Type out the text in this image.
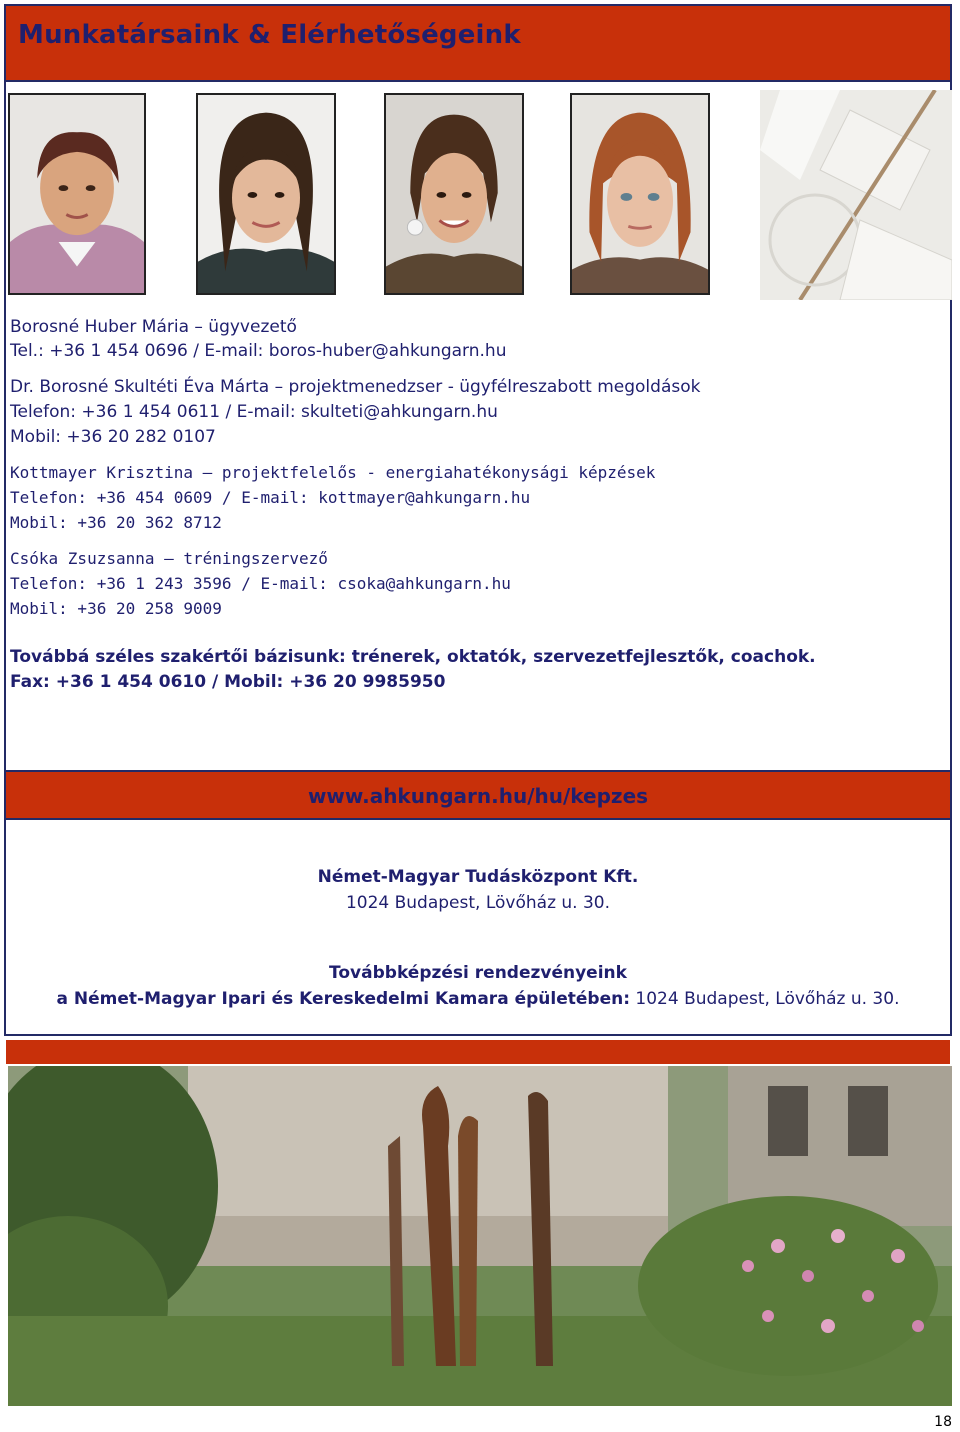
Munkatársaink & Elérhetőségeink
Borosné Huber Mária – ügyvezető
Tel.: +36 1 454 0696 / E-mail: boros-huber@ahkungarn.hu
Dr. Borosné Skultéti Éva Márta – projektmenedzser - ügyfélreszabott megoldások
Telefon: +36 1 454 0611 / E-mail: skulteti@ahkungarn.hu
Mobil: +36 20 282 0107
Kottmayer Krisztina – projektfelelős - energiahatékonysági képzések
Telefon: +36 454 0609 / E-mail: kottmayer@ahkungarn.hu
Mobil: +36 20 362 8712
Csóka Zsuzsanna – tréningszervező
Telefon: +36 1 243 3596 / E-mail: csoka@ahkungarn.hu
Mobil: +36 20 258 9009
Továbbá széles szakértői bázisunk: trénerek, oktatók, szervezetfejlesztők, coachok.
Fax: +36 1 454 0610 / Mobil: +36 20 9985950
www.ahkungarn.hu/hu/kepzes
Német-Magyar Tudásközpont Kft.
1024 Budapest, Lövőház u. 30.
Továbbképzési rendezvényeink
a Német-Magyar Ipari és Kereskedelmi Kamara épületében: 1024 Budapest, Lövőház u. 30.
18
